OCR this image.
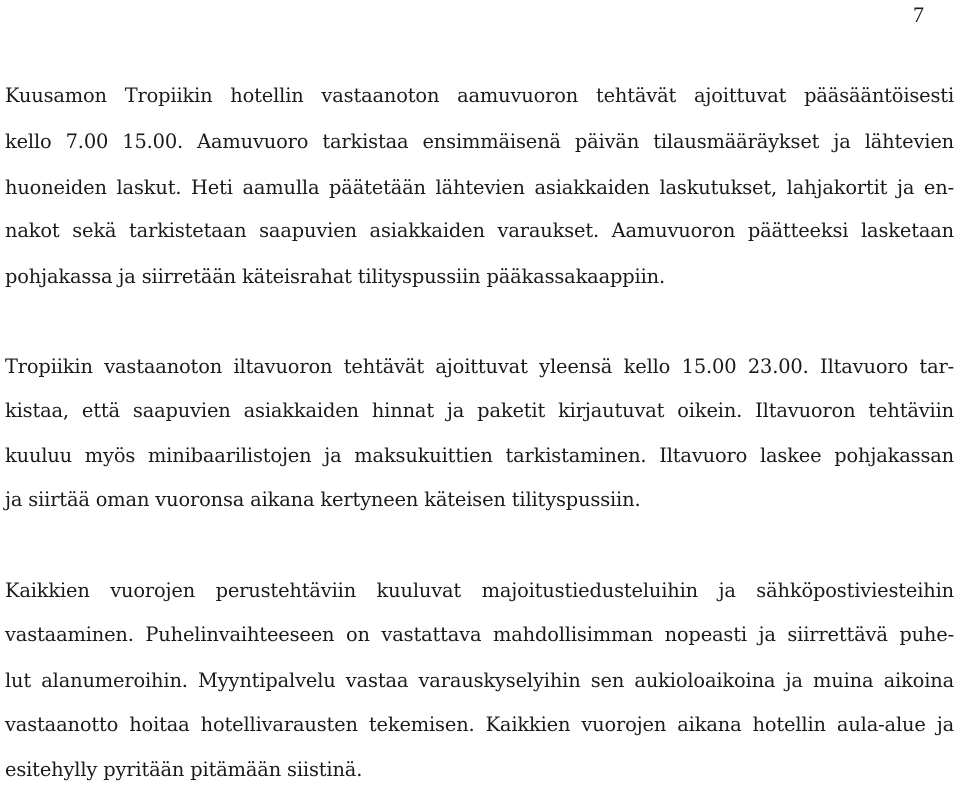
7
Kuusamon Tropiikin hotellin vastaanoton aamuvuoron tehtävät ajoittuvat pääsääntöisesti
kello 7.00 15.00. Aamuvuoro tarkistaa ensimmäisenä päivän tilausmääräykset ja lähtevien
huoneiden laskut. Heti aamulla päätetään lähtevien asiakkaiden laskutukset, lahjakortit ja en-
nakot sekä tarkistetaan saapuvien asiakkaiden varaukset. Aamuvuoron päätteeksi lasketaan
pohjakassa ja siirretään käteisrahat tilityspussiin pääkassakaappiin.
Tropiikin vastaanoton iltavuoron tehtävät ajoittuvat yleensä kello 15.00 23.00. Iltavuoro tar-
kistaa, että saapuvien asiakkaiden hinnat ja paketit kirjautuvat oikein. Iltavuoron tehtäviin
kuuluu myös minibaarilistojen ja maksukuittien tarkistaminen. Iltavuoro laskee pohjakassan
ja siirtää oman vuoronsa aikana kertyneen käteisen tilityspussiin.
Kaikkien vuorojen perustehtäviin kuuluvat majoitustiedusteluihin ja sähköpostiviesteihin
vastaaminen. Puhelinvaihteeseen on vastattava mahdollisimman nopeasti ja siirrettävä puhe-
lut alanumeroihin. Myyntipalvelu vastaa varauskyselyihin sen aukioloaikoina ja muina aikoina
vastaanotto hoitaa hotellivarausten tekemisen. Kaikkien vuorojen aikana hotellin aula-alue ja
esitehylly pyritään pitämään siistinä.
